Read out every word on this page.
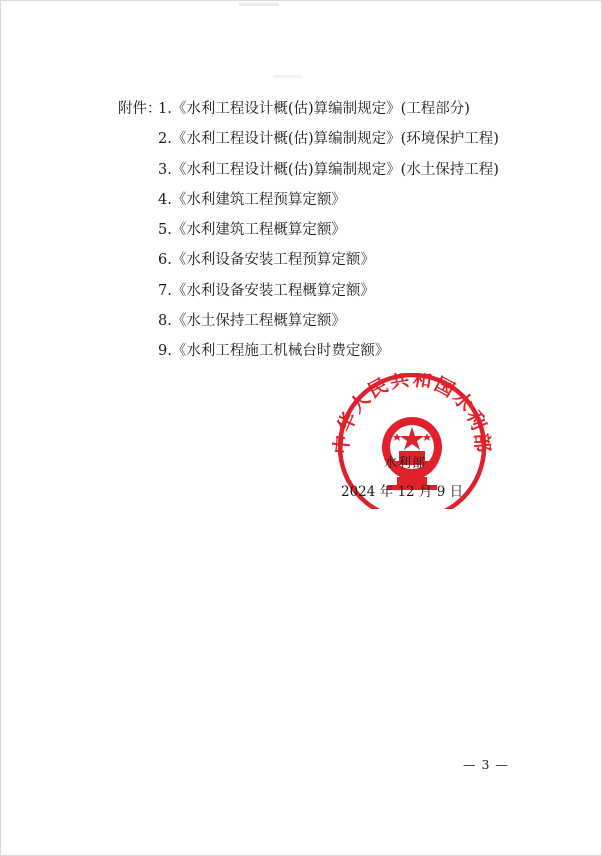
附件：
1.《水利工程设计概(估)算编制规定》(工程部分)
2.《水利工程设计概(估)算编制规定》(环境保护工程)
3.《水利工程设计概(估)算编制规定》(水土保持工程)
4.《水利建筑工程预算定额》
5.《水利建筑工程概算定额》
6.《水利设备安装工程预算定额》
7.《水利设备安装工程概算定额》
8.《水土保持工程概算定额》
9.《水利工程施工机械台时费定额》
中华人民共和国水利部
水利部
2024 年 12 月 9 日
— 3 —
